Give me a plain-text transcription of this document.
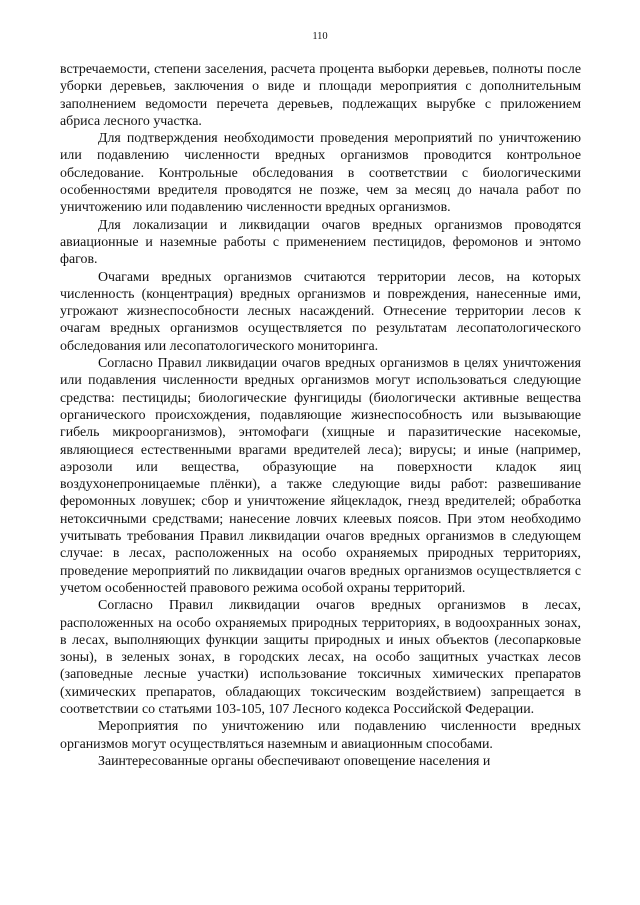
110

встречаемости, степени заселения, расчета процента выборки деревьев, полноты после уборки деревьев, заключения о виде и площади мероприятия с дополнительным заполнением ведомости перечета деревьев, подлежащих вырубке с приложением абриса лесного участка.

Для подтверждения необходимости проведения мероприятий по уничтожению или подавлению численности вредных организмов проводится контрольное обследование. Контрольные обследования в соответствии с биологическими особенностями вредителя проводятся не позже, чем за месяц до начала работ по уничтожению или подавлению численности вредных организмов.

Для локализации и ликвидации очагов вредных организмов проводятся авиационные и наземные работы с применением пестицидов, феромонов и энтомо фагов.

Очагами вредных организмов считаются территории лесов, на которых численность (концентрация) вредных организмов и повреждения, нанесенные ими, угрожают жизнеспособности лесных насаждений. Отнесение территории лесов к очагам вредных организмов осуществляется по результатам лесопатологического обследования или лесопатологического мониторинга.

Согласно Правил ликвидации очагов вредных организмов в целях уничтожения или подавления численности вредных организмов могут использоваться следующие средства: пестициды; биологические фунгициды (биологически активные вещества органического происхождения, подавляющие жизнеспособность или вызывающие гибель микроорганизмов), энтомофаги (хищные и паразитические насекомые, являющиеся естественными врагами вредителей леса); вирусы; и иные (например, аэрозоли или вещества, образующие на поверхности кладок яиц воздухонепроницаемые плёнки), а также следующие виды работ: развешивание феромонных ловушек; сбор и уничтожение яйцекладок, гнезд вредителей; обработка нетоксичными средствами; нанесение ловчих клеевых поясов. При этом необходимо учитывать требования Правил ликвидации очагов вредных организмов в следующем случае: в лесах, расположенных на особо охраняемых природных территориях, проведение мероприятий по ликвидации очагов вредных организмов осуществляется с учетом особенностей правового режима особой охраны территорий.

Согласно Правил ликвидации очагов вредных организмов в лесах, расположенных на особо охраняемых природных территориях, в водоохранных зонах, в лесах, выполняющих функции защиты природных и иных объектов (лесопарковые зоны), в зеленых зонах, в городских лесах, на особо защитных участках лесов (заповедные лесные участки) использование токсичных химических препаратов (химических препаратов, обладающих токсическим воздействием) запрещается в соответствии со статьями 103-105, 107 Лесного кодекса Российской Федерации.

Мероприятия по уничтожению или подавлению численности вредных организмов могут осуществляться наземным и авиационным способами.

Заинтересованные органы обеспечивают оповещение населения и
